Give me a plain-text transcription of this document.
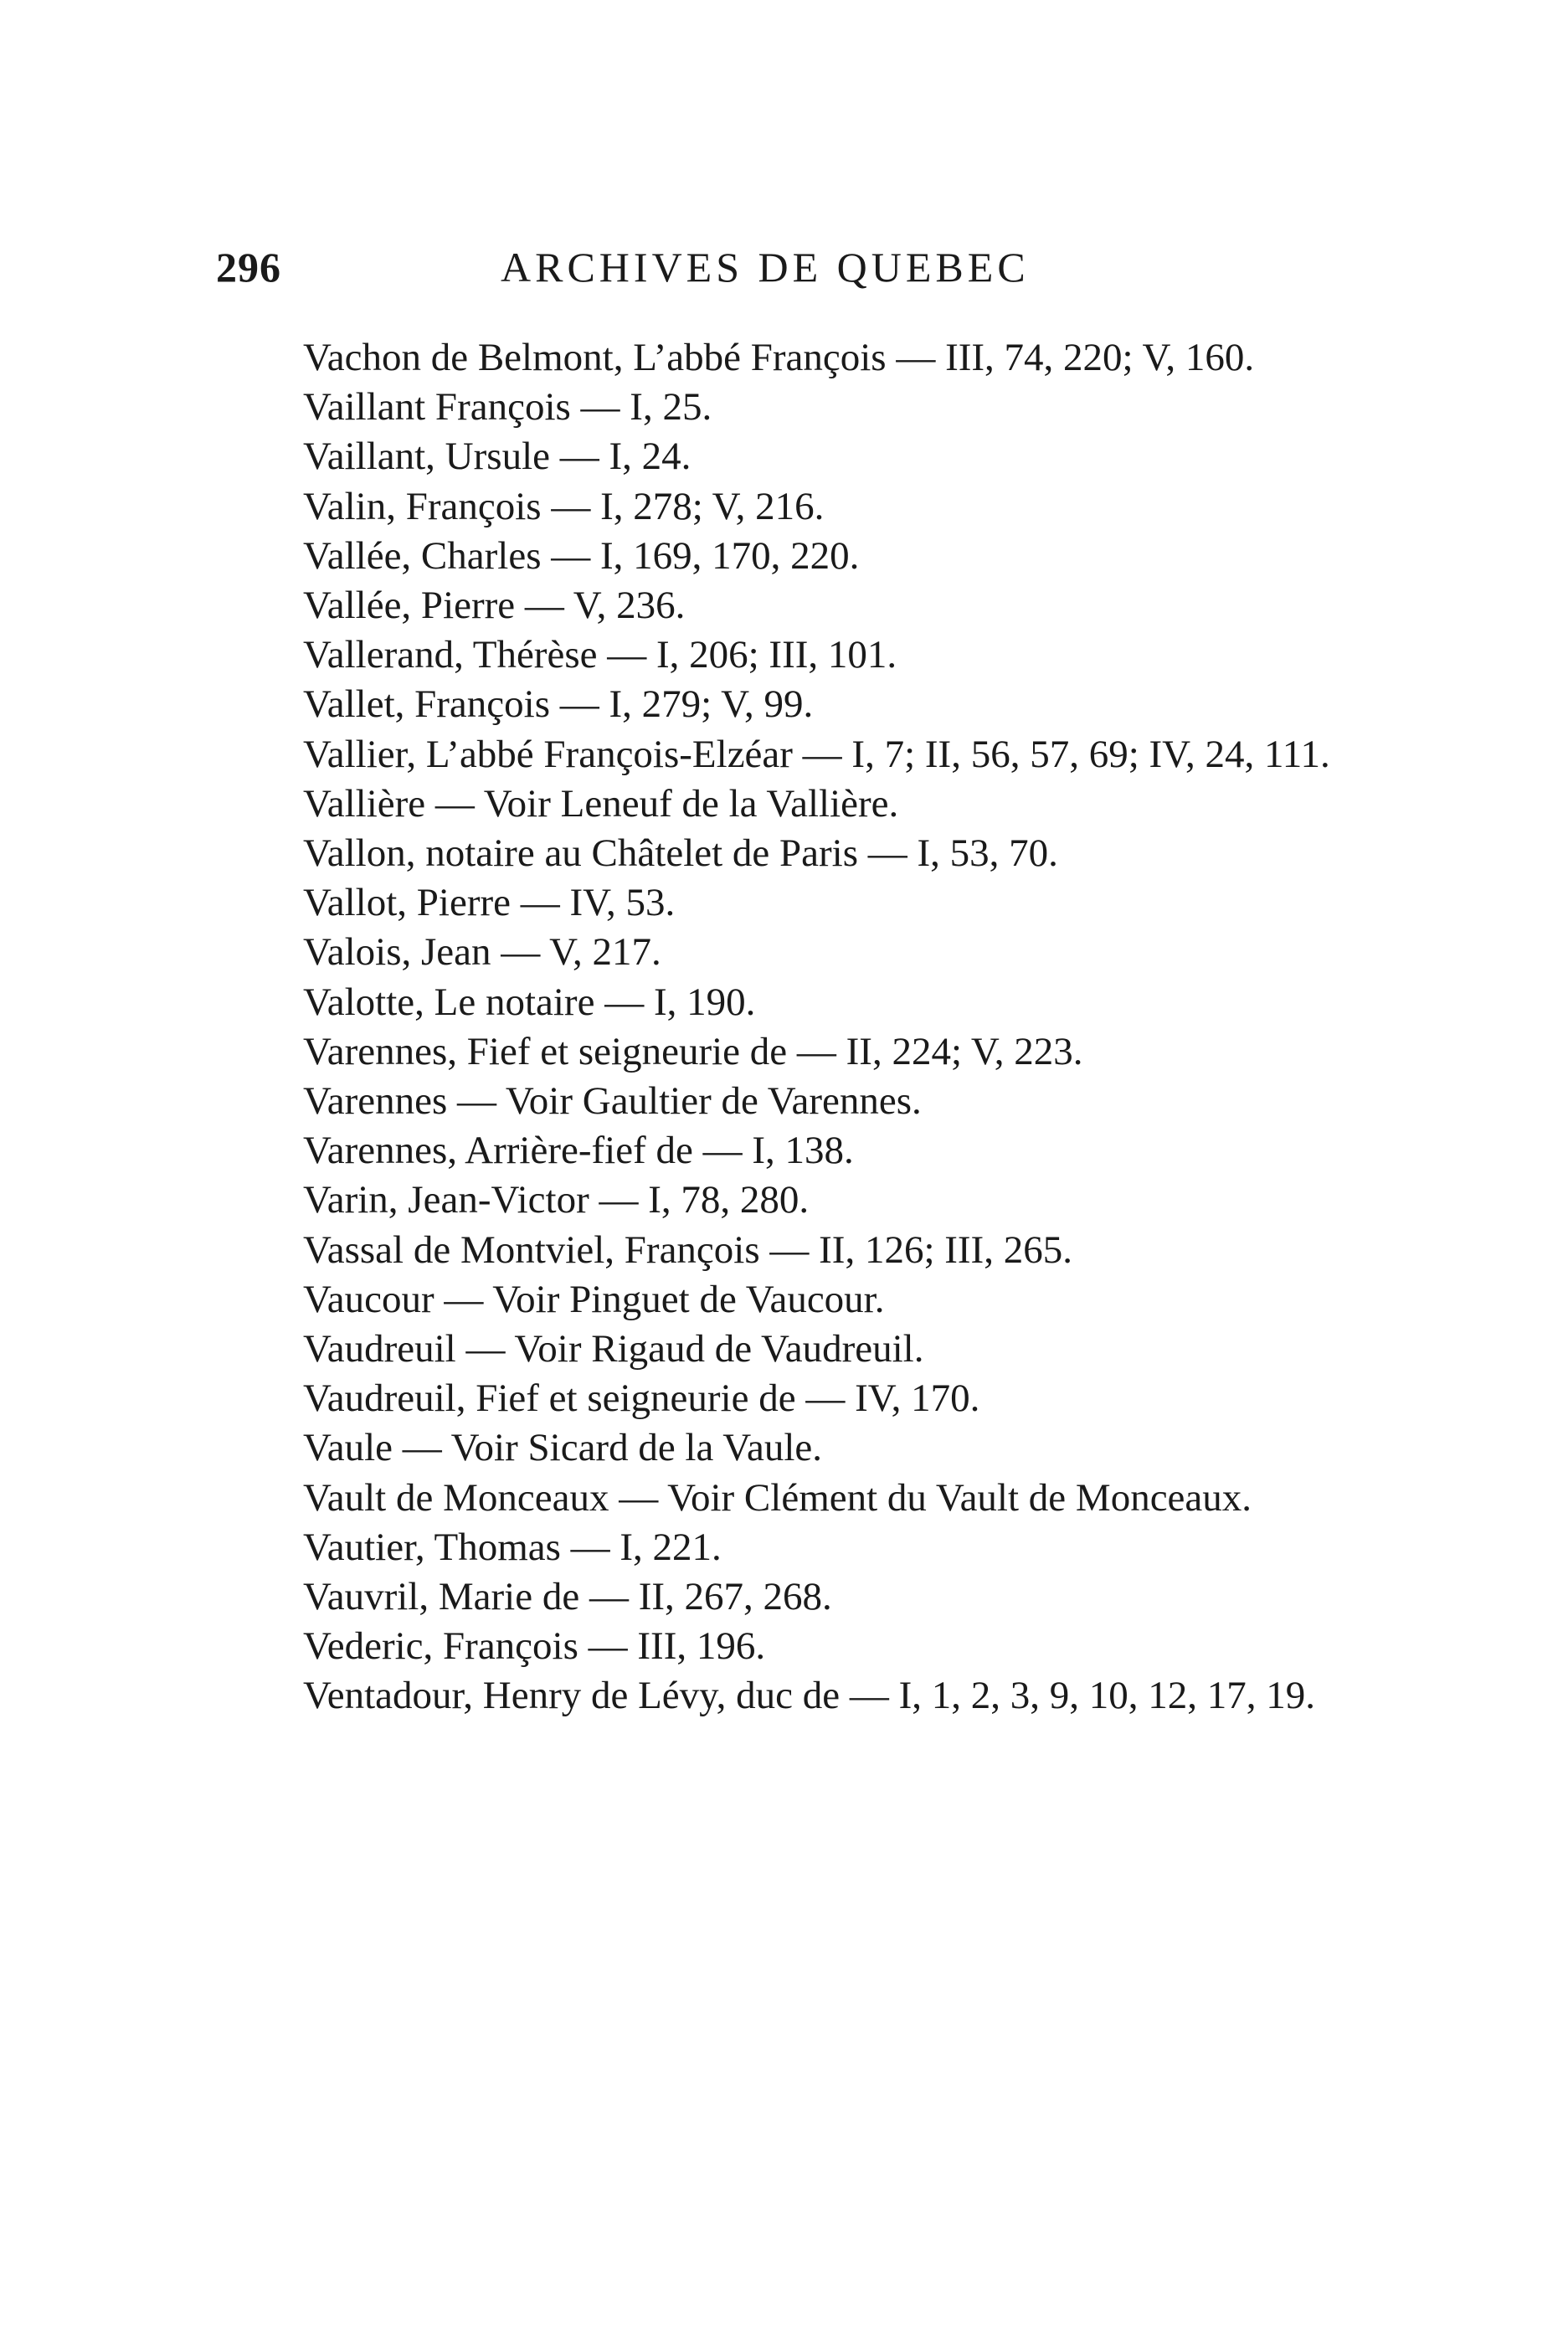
296	ARCHIVES DE QUEBEC

Vachon de Belmont, L’abbé François — III, 74, 220; V, 160.

Vaillant François — I, 25.

Vaillant, Ursule — I, 24.

Valin, François — I, 278; V, 216.

Vallée, Charles — I, 169, 170, 220.

Vallée, Pierre — V, 236.

Vallerand, Thérèse — I, 206; III, 101.

Vallet, François — I, 279; V, 99.

Vallier, L’abbé François-Elzéar — I, 7; II, 56, 57, 69; IV, 24, 111.

Vallière — Voir Leneuf de la Vallière.

Vallon, notaire au Châtelet de Paris — I, 53, 70.

Vallot, Pierre — IV, 53.

Valois, Jean — V, 217.

Valotte, Le notaire — I, 190.

Varennes, Fief et seigneurie de — II, 224; V, 223.

Varennes — Voir Gaultier de Varennes.

Varennes, Arrière-fief de — I, 138.

Varin, Jean-Victor — I, 78, 280.

Vassal de Montviel, François — II, 126; III, 265.

Vaucour — Voir Pinguet de Vaucour.

Vaudreuil — Voir Rigaud de Vaudreuil.

Vaudreuil, Fief et seigneurie de — IV, 170.

Vaule — Voir Sicard de la Vaule.

Vault de Monceaux — Voir Clément du Vault de Monceaux.

Vautier, Thomas — I, 221.

Vauvril, Marie de — II, 267, 268.

Vederic, François — III, 196.

Ventadour, Henry de Lévy, duc de — I, 1, 2, 3, 9, 10, 12, 17, 19.
